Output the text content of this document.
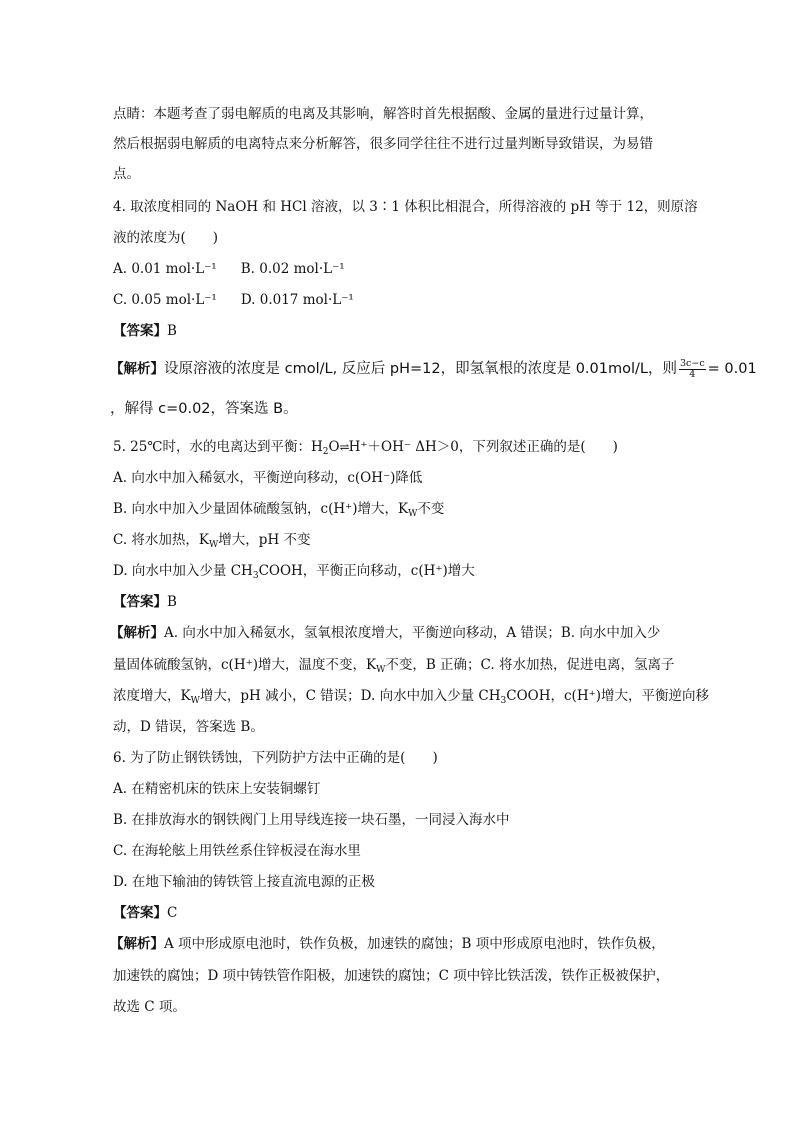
点睛：本题考查了弱电解质的电离及其影响，解答时首先根据酸、金属的量进行过量计算，
然后根据弱电解质的电离特点来分析解答，很多同学往往不进行过量判断导致错误，为易错
点。
4. 取浓度相同的 NaOH 和 HCl 溶液，以 3∶1 体积比相混合，所得溶液的 pH 等于 12，则原溶
液的浓度为(　　)
A. 0.01 mol·L⁻¹ B. 0.02 mol·L⁻¹
C. 0.05 mol·L⁻¹ D. 0.017 mol·L⁻¹
【答案】B
【解析】设原溶液的浓度是 cmol/L, 反应后 pH=12，即氢氧根的浓度是 0.01mol/L，则 $\frac{3c-c}{4} = 0.01$
，解得 c=0.02，答案选 B。
5. 25℃时，水的电离达到平衡：$H_2O\rightleftharpoons H^++OH^-$ ΔH＞0，下列叙述正确的是(　　)
A. 向水中加入稀氨水，平衡逆向移动，c(OH⁻)降低
B. 向水中加入少量固体硫酸氢钠，c(H⁺)增大，$K_W$不变
C. 将水加热，$K_W$增大，pH 不变
D. 向水中加入少量 $CH_3COOH$，平衡正向移动，c(H⁺)增大
【答案】B
【解析】A. 向水中加入稀氨水，氢氧根浓度增大，平衡逆向移动，A 错误；B. 向水中加入少
量固体硫酸氢钠，c(H⁺)增大，温度不变，$K_W$不变，B 正确；C. 将水加热，促进电离，氢离子
浓度增大，$K_W$增大，pH 减小，C 错误；D. 向水中加入少量 $CH_3COOH$，c(H⁺)增大，平衡逆向移
动，D 错误，答案选 B。
6. 为了防止钢铁锈蚀，下列防护方法中正确的是(　　)
A. 在精密机床的铁床上安装铜螺钉
B. 在排放海水的钢铁阀门上用导线连接一块石墨，一同浸入海水中
C. 在海轮舷上用铁丝系住锌板浸在海水里
D. 在地下输油的铸铁管上接直流电源的正极
【答案】C
【解析】A 项中形成原电池时，铁作负极，加速铁的腐蚀；B 项中形成原电池时，铁作负极，
加速铁的腐蚀；D 项中铸铁管作阳极，加速铁的腐蚀；C 项中锌比铁活泼，铁作正极被保护，
故选 C 项。
